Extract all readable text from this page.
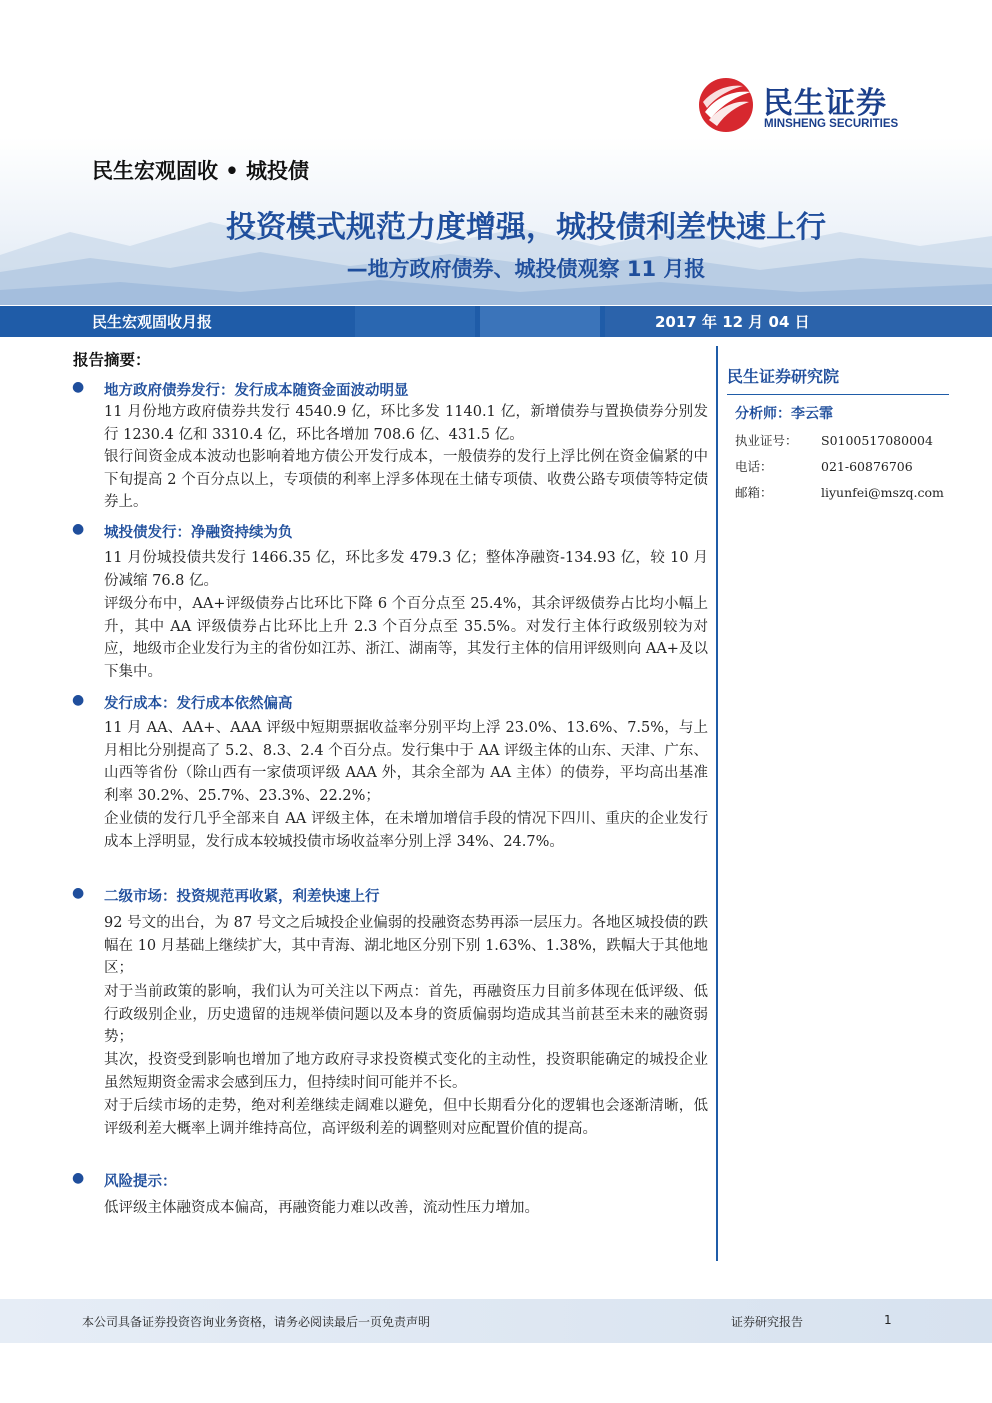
民生证券
MINSHENG SECURITIES
民生宏观固收 • 城投债
投资模式规范力度增强，城投债利差快速上行
—地方政府债券、城投债观察 11 月报
民生宏观固收月报	2017 年 12 月 04 日
民生证券研究院
分析师：李云霏
执业证号： S0100517080004
电话：	021-60876706
邮箱：	liyunfei@mszq.com
报告摘要：
● 地方政府债券发行：发行成本随资金面波动明显
11 月份地方政府债券共发行 4540.9 亿，环比多发 1140.1 亿，新增债券与置换债券分别发行 1230.4 亿和 3310.4 亿，环比各增加 708.6 亿、431.5 亿。
银行间资金成本波动也影响着地方债公开发行成本，一般债券的发行上浮比例在资金偏紧的中下旬提高 2 个百分点以上，专项债的利率上浮多体现在土储专项债、收费公路专项债等特定债券上。
● 城投债发行：净融资持续为负
11 月份城投债共发行 1466.35 亿，环比多发 479.3 亿；整体净融资-134.93 亿，较 10 月份减缩 76.8 亿。
评级分布中，AA+评级债券占比环比下降 6 个百分点至 25.4%，其余评级债券占比均小幅上升，其中 AA 评级债券占比环比上升 2.3 个百分点至 35.5%。对发行主体行政级别较为对应，地级市企业发行为主的省份如江苏、浙江、湖南等，其发行主体的信用评级则向 AA+及以下集中。
● 发行成本：发行成本依然偏高
11 月 AA、AA+、AAA 评级中短期票据收益率分别平均上浮 23.0%、13.6%、7.5%，与上月相比分别提高了 5.2、8.3、2.4 个百分点。发行集中于 AA 评级主体的山东、天津、广东、山西等省份（除山西有一家债项评级 AAA 外，其余全部为 AA 主体）的债券，平均高出基准利率 30.2%、25.7%、23.3%、22.2%；
企业债的发行几乎全部来自 AA 评级主体，在未增加增信手段的情况下四川、重庆的企业发行成本上浮明显，发行成本较城投债市场收益率分别上浮 34%、24.7%。
● 二级市场：投资规范再收紧，利差快速上行
92 号文的出台，为 87 号文之后城投企业偏弱的投融资态势再添一层压力。各地区城投债的跌幅在 10 月基础上继续扩大，其中青海、湖北地区分别下别 1.63%、1.38%，跌幅大于其他地区；
对于当前政策的影响，我们认为可关注以下两点：首先，再融资压力目前多体现在低评级、低行政级别企业，历史遗留的违规举债问题以及本身的资质偏弱均造成其当前甚至未来的融资弱势；
其次，投资受到影响也增加了地方政府寻求投资模式变化的主动性，投资职能确定的城投企业虽然短期资金需求会感到压力，但持续时间可能并不长。
对于后续市场的走势，绝对利差继续走阔难以避免，但中长期看分化的逻辑也会逐渐清晰，低评级利差大概率上调并维持高位，高评级利差的调整则对应配置价值的提高。
● 风险提示：
低评级主体融资成本偏高，再融资能力难以改善，流动性压力增加。
本公司具备证券投资咨询业务资格，请务必阅读最后一页免责声明	证券研究报告	1
